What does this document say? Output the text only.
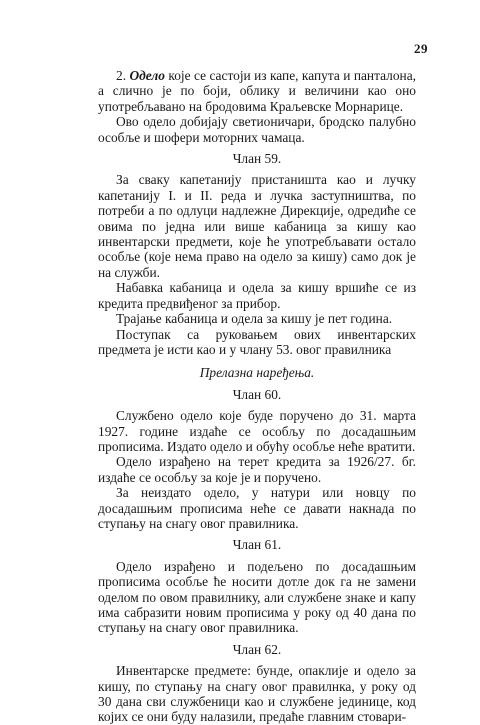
29

2. Одело које се састоји из капе, капута и панталона, а слично је по боји, облику и величини као оно употребљавано на бродовима Краљевске Морнарице.

Ово одело добијају светионичари, бродско палубно особље и шофери моторних чамаца.

Члан 59.

За сваку капетанију пристаништа као и лучку капетанију I. и II. реда и лучка заступништва, по потреби а по одлуци надлежне Дирекције, одредиће се овима по једна или више кабаница за кишу као инвентарски предмети, које ће употребљавати остало особље (које нема право на одело за кишу) само док је на служби.

Набавка кабаница и одела за кишу вршиће се из кредита предвиђеног за прибор.

Трајање кабаница и одела за кишу је пет година.

Поступак са руковањем ових инвентарских предмета је исти као и у члану 53. овог правилника

Прелазна наређења.

Члан 60.

Службено одело које буде поручено до 31. марта 1927. године издаће се особљу по досадашњим прописима. Издато одело и обућу особље неће вратити.

Одело израђено на терет кредита за 1926/27. бг. издаће се особљу за које је и поручено.

За неиздато одело, у натури или новцу по досадашњим прописима неће се давати накнада по ступању на снагу овог правилника.

Члан 61.

Одело израђено и подељено по досадашњим прописима особље ће носити дотле док га не замени оделом по овом правилнику, али службене знаке и капу има сабразити новим прописима у року од 40 дана по ступању на снагу овог правилника.

Члан 62.

Инвентарске предмете: бунде, опаклије и одело за кишу, по ступању на снагу овог правилнка, у року од 30 дана сви службеници као и службене јединице, код којих се они буду налазили, предаће главним стовари-
